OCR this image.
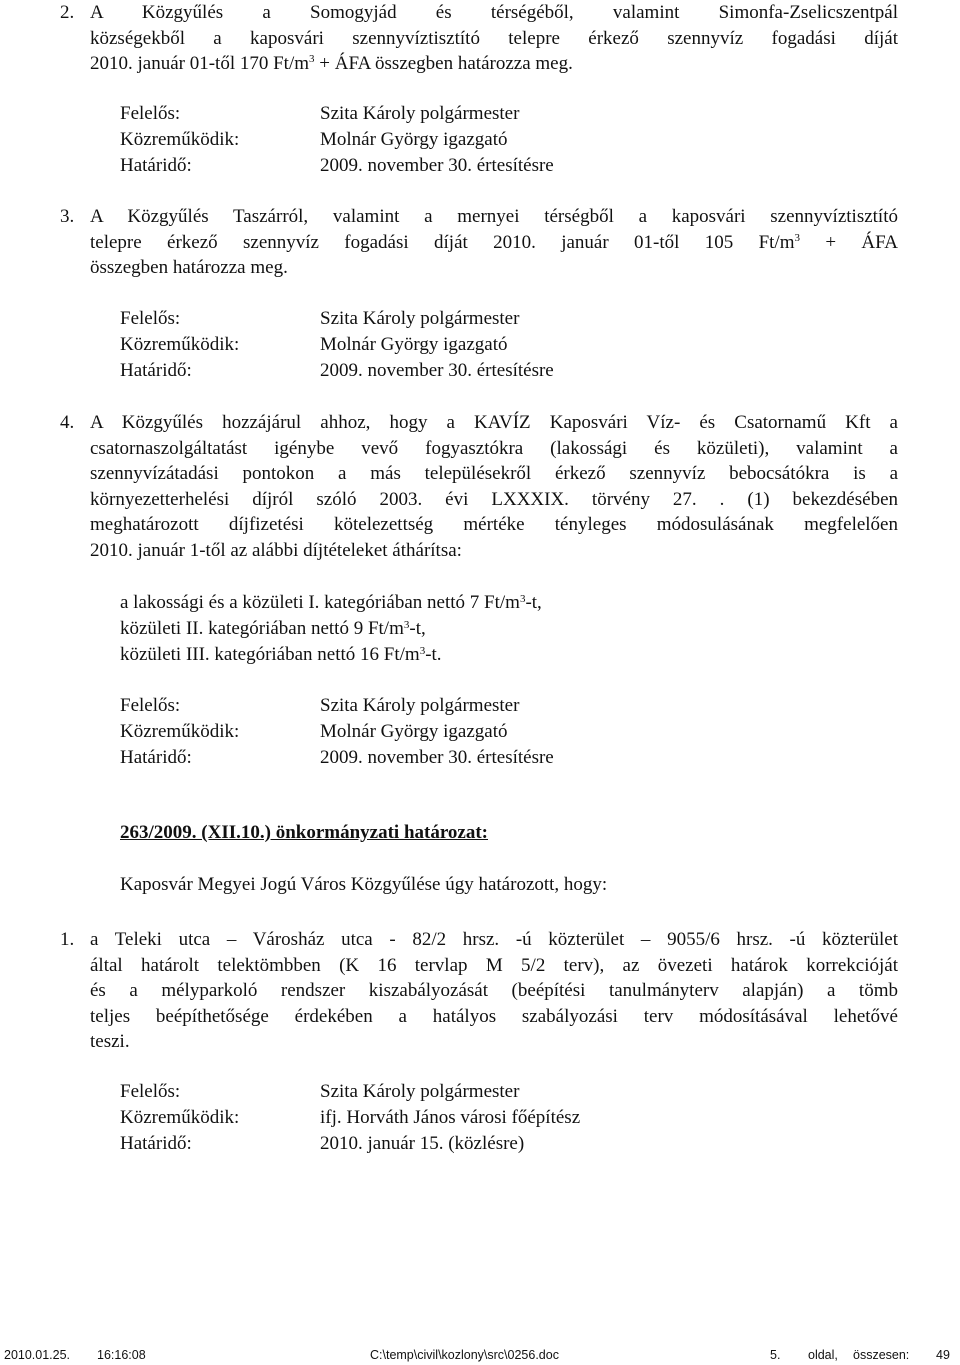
2. A Közgyűlés a Somogyjád és térségéből, valamint Simonfa-Zselicszentpál
községekből a kaposvári szennyvíztisztító telepre érkező szennyvíz fogadási díját
2010. január 01-től 170 $Ft/m^3$ + ÁFA összegben határozza meg.
Felelős:	Szita Károly polgármester
Közreműködik:	Molnár György igazgató
Határidő:	2009. november 30. értesítésre
3. A Közgyűlés Taszárról, valamint a mernyei térségből a kaposvári szennyvíztisztító
telepre érkező szennyvíz fogadási díját 2010. január 01-től 105 $Ft/m^3$ + ÁFA
összegben határozza meg.
Felelős:	Szita Károly polgármester
Közreműködik:	Molnár György igazgató
Határidő:	2009. november 30. értesítésre
4. A Közgyűlés hozzájárul ahhoz, hogy a KAVÍZ Kaposvári Víz- és Csatornamű Kft a
csatornaszolgáltatást igénybe vevő fogyasztókra (lakossági és közületi), valamint a
szennyvízátadási pontokon a más településekről érkező szennyvíz bebocsátókra is a
környezetterhelési díjról szóló 2003. évi LXXXIX. törvény 27. . (1) bekezdésében
meghatározott díjfizetési kötelezettség mértéke tényleges módosulásának megfelelően
2010. január 1-től az alábbi díjtételeket áthárítsa:
a lakossági és a közületi I. kategóriában nettó 7 $Ft/m^3-t$,
közületi II. kategóriában nettó 9 $Ft/m^3-t$,
közületi III. kategóriában nettó 16 $Ft/m^3-t$.
Felelős:	Szita Károly polgármester
Közreműködik:	Molnár György igazgató
Határidő:	2009. november 30. értesítésre
263/2009. (XII.10.) önkormányzati határozat:
Kaposvár Megyei Jogú Város Közgyűlése úgy határozott, hogy:
1. a Teleki utca – Városház utca - 82/2 hrsz. -ú közterület – 9055/6 hrsz. -ú közterület
által határolt telektömbben (K 16 tervlap M 5/2 terv), az övezeti határok korrekcióját
és a mélyparkoló rendszer kiszabályozását (beépítési tanulmányterv alapján) a tömb
teljes beépíthetősége érdekében a hatályos szabályozási terv módosításával lehetővé
teszi.
Felelős:	Szita Károly polgármester
Közreműködik:	ifj. Horváth János városi főépítész
Határidő:	2010. január 15. (közlésre)
2010.01.25. 16:16:08	C:\temp\civil\kozlony\src\0256.doc	5. oldal, összesen: 49
